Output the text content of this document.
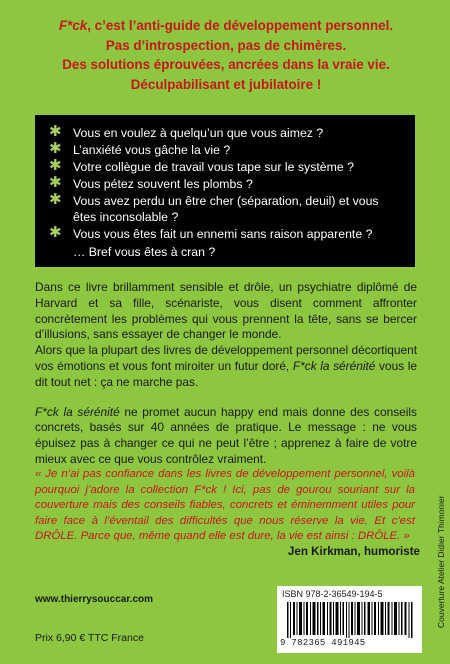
F*ck, c’est l’anti-guide de développement personnel.
Pas d’introspection, pas de chimères.
Des solutions éprouvées, ancrées dans la vraie vie.
Déculpabilisant et jubilatoire !
✱ Vous en voulez à quelqu’un que vous aimez ?
✱ L’anxiété vous gâche la vie ?
✱ Votre collègue de travail vous tape sur le système ?
✱ Vous pétez souvent les plombs ?
✱ Vous avez perdu un être cher (séparation, deuil) et vous êtes inconsolable ?
✱ Vous vous êtes fait un ennemi sans raison apparente ?
… Bref vous êtes à cran ?

Dans ce livre brillamment sensible et drôle, un psychiatre diplômé de Harvard et sa fille, scénariste, vous disent comment affronter concrètement les problèmes qui vous prennent la tête, sans se bercer d’illusions, sans essayer de changer le monde.

Alors que la plupart des livres de développement personnel décortiquent vos émotions et vous font miroiter un futur doré, F*ck la sérénité vous le dit tout net : ça ne marche pas.

F*ck la sérénité ne promet aucun happy end mais donne des conseils concrets, basés sur 40 années de pratique. Le message : ne vous épuisez pas à changer ce qui ne peut l’être ; apprenez à faire de votre mieux avec ce que vous contrôlez vraiment.

« Je n’ai pas confiance dans les livres de développement personnel, voilà pourquoi j’adore la collection F*ck ! Ici, pas de gourou souriant sur la couverture mais des conseils fiables, concrets et éminemment utiles pour faire face à l’éventail des difficultés que nous réserve la vie. Et c’est DRÔLE. Parce que, même quand elle est dure, la vie est ainsi : DRÔLE. »
Jen Kirkman, humoriste
www.thierrysouccar.com
Prix 6,90 € TTC France
ISBN 978-2-36549-194-5
9 782365 491945
Couverture Atelier Didier Thimonier
